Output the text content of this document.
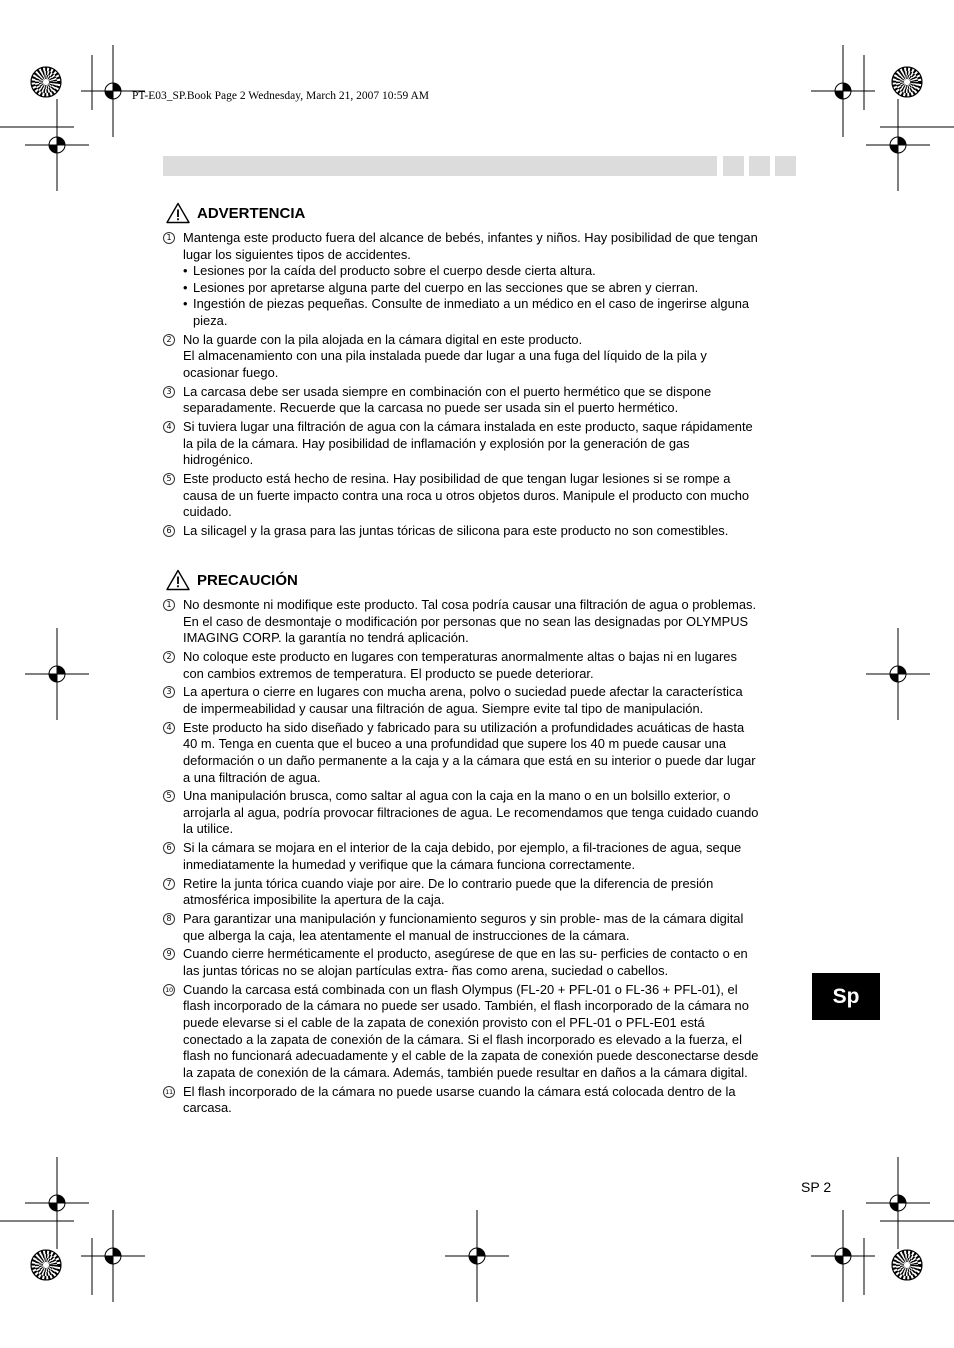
PT-E03_SP.Book Page 2 Wednesday, March 21, 2007 10:59 AM
ADVERTENCIA
1 Mantenga este producto fuera del alcance de bebés, infantes y niños. Hay posibilidad de que tengan
lugar los siguientes tipos de accidentes.
• Lesiones por la caída del producto sobre el cuerpo desde cierta altura.
• Lesiones por apretarse alguna parte del cuerpo en las secciones que se abren y cierran.
• Ingestión de piezas pequeñas. Consulte de inmediato a un médico en el caso de ingerirse alguna
pieza.
2 No la guarde con la pila alojada en la cámara digital en este producto.
El almacenamiento con una pila instalada puede dar lugar a una fuga del líquido de la pila y
ocasionar fuego.
3 La carcasa debe ser usada siempre en combinación con el puerto hermético que se dispone
separadamente. Recuerde que la carcasa no puede ser usada sin el puerto hermético.
4 Si tuviera lugar una filtración de agua con la cámara instalada en este producto, saque rápidamente
la pila de la cámara. Hay posibilidad de inflamación y explosión por la generación de gas
hidrogénico.
5 Este producto está hecho de resina. Hay posibilidad de que tengan lugar lesiones si se rompe a
causa de un fuerte impacto contra una roca u otros objetos duros. Manipule el producto con mucho
cuidado.
6 La silicagel y la grasa para las juntas tóricas de silicona para este producto no son comestibles.
PRECAUCIÓN
1 No desmonte ni modifique este producto. Tal cosa podría causar una filtración de agua o problemas.
En el caso de desmontaje o modificación por personas que no sean las designadas por OLYMPUS
IMAGING CORP. la garantía no tendrá aplicación.
2 No coloque este producto en lugares con temperaturas anormalmente altas o bajas ni en lugares
con cambios extremos de temperatura. El producto se puede deteriorar.
3 La apertura o cierre en lugares con mucha arena, polvo o suciedad puede afectar la característica
de impermeabilidad y causar una filtración de agua. Siempre evite tal tipo de manipulación.
4 Este producto ha sido diseñado y fabricado para su utilización a profundidades acuáticas de hasta
40 m. Tenga en cuenta que el buceo a una profundidad que supere los 40 m puede causar una
deformación o un daño permanente a la caja y a la cámara que está en su interior o puede dar lugar
a una filtración de agua.
5 Una manipulación brusca, como saltar al agua con la caja en la mano o en un bolsillo exterior, o
arrojarla al agua, podría provocar filtraciones de agua. Le recomendamos que tenga cuidado cuando
la utilice.
6 Si la cámara se mojara en el interior de la caja debido, por ejemplo, a fil-traciones de agua, seque
inmediatamente la humedad y verifique que la cámara funciona correctamente.
7 Retire la junta tórica cuando viaje por aire. De lo contrario puede que la diferencia de presión
atmosférica imposibilite la apertura de la caja.
8 Para garantizar una manipulación y funcionamiento seguros y sin proble- mas de la cámara digital
que alberga la caja, lea atentamente el manual de instrucciones de la cámara.
9 Cuando cierre herméticamente el producto, asegúrese de que en las su- perficies de contacto o en
las juntas tóricas no se alojan partículas extra- ñas como arena, suciedad o cabellos.
10 Cuando la carcasa está combinada con un flash Olympus (FL-20 + PFL-01 o FL-36 + PFL-01), el
flash incorporado de la cámara no puede ser usado. También, el flash incorporado de la cámara no
puede elevarse si el cable de la zapata de conexión provisto con el PFL-01 o PFL-E01 está
conectado a la zapata de conexión de la cámara. Si el flash incorporado es elevado a la fuerza, el
flash no funcionará adecuadamente y el cable de la zapata de conexión puede desconectarse desde
la zapata de conexión de la cámara. Además, también puede resultar en daños a la cámara digital.
11 El flash incorporado de la cámara no puede usarse cuando la cámara está colocada dentro de la
carcasa.
Sp
SP 2
